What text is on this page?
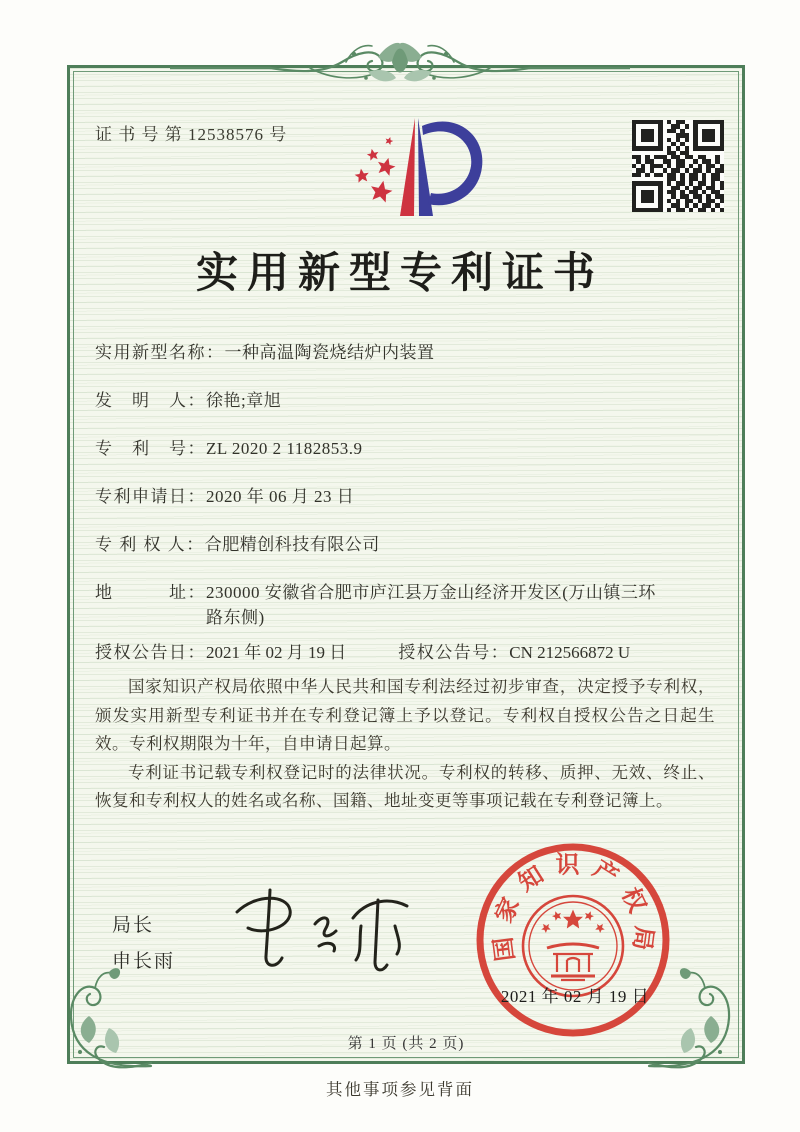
证 书 号 第 12538576 号
实用新型专利证书
实用新型名称： 一种高温陶瓷烧结炉内装置
发　明　人： 徐艳;章旭
专　利　号： ZL 2020 2 1182853.9
专利申请日： 2020 年 06 月 23 日
专 利 权 人： 合肥精创科技有限公司
地　　　址： 230000 安徽省合肥市庐江县万金山经济开发区(万山镇三环路东侧)
授权公告日：2021 年 02 月 19 日	授权公告号：CN 212566872 U

国家知识产权局依照中华人民共和国专利法经过初步审查，决定授予专利权，颁发实用新型专利证书并在专利登记簿上予以登记。专利权自授权公告之日起生效。专利权期限为十年，自申请日起算。

专利证书记载专利权登记时的法律状况。专利权的转移、质押、无效、终止、恢复和专利权人的姓名或名称、国籍、地址变更等事项记载在专利登记簿上。

局长
申长雨	国家知识产权局
2021 年 02 月 19 日
第 1 页 (共 2 页)
其他事项参见背面
